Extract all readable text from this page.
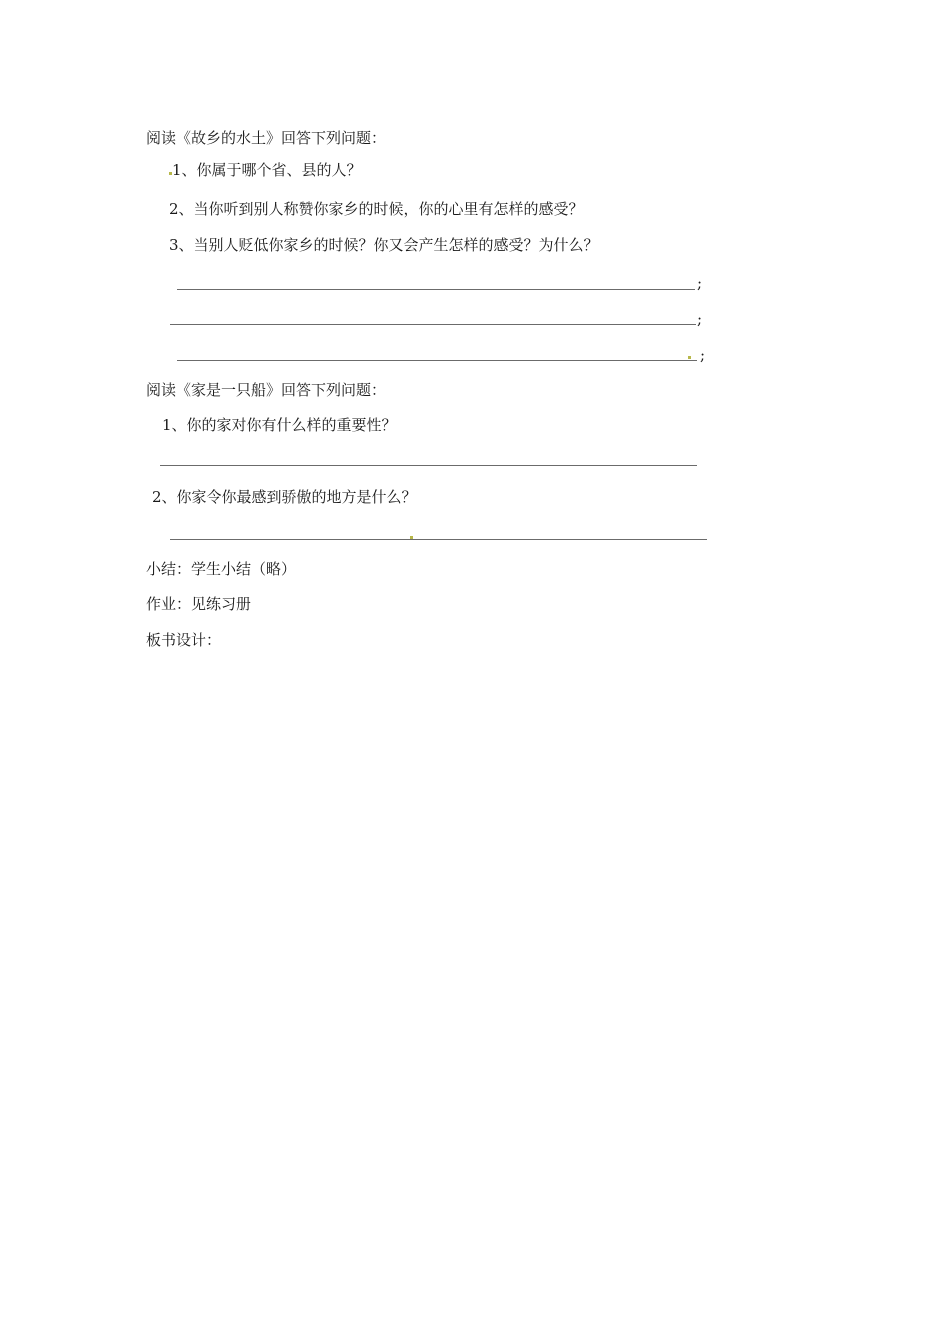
阅读《故乡的水土》回答下列问题：
1、你属于哪个省、县的人？
2、当你听到别人称赞你家乡的时候，你的心里有怎样的感受？
3、当别人贬低你家乡的时候？你又会产生怎样的感受？为什么？
;
;
;
阅读《家是一只船》回答下列问题：
1、你的家对你有什么样的重要性？
2、你家令你最感到骄傲的地方是什么？
小结：学生小结（略）
作业：见练习册
板书设计：
